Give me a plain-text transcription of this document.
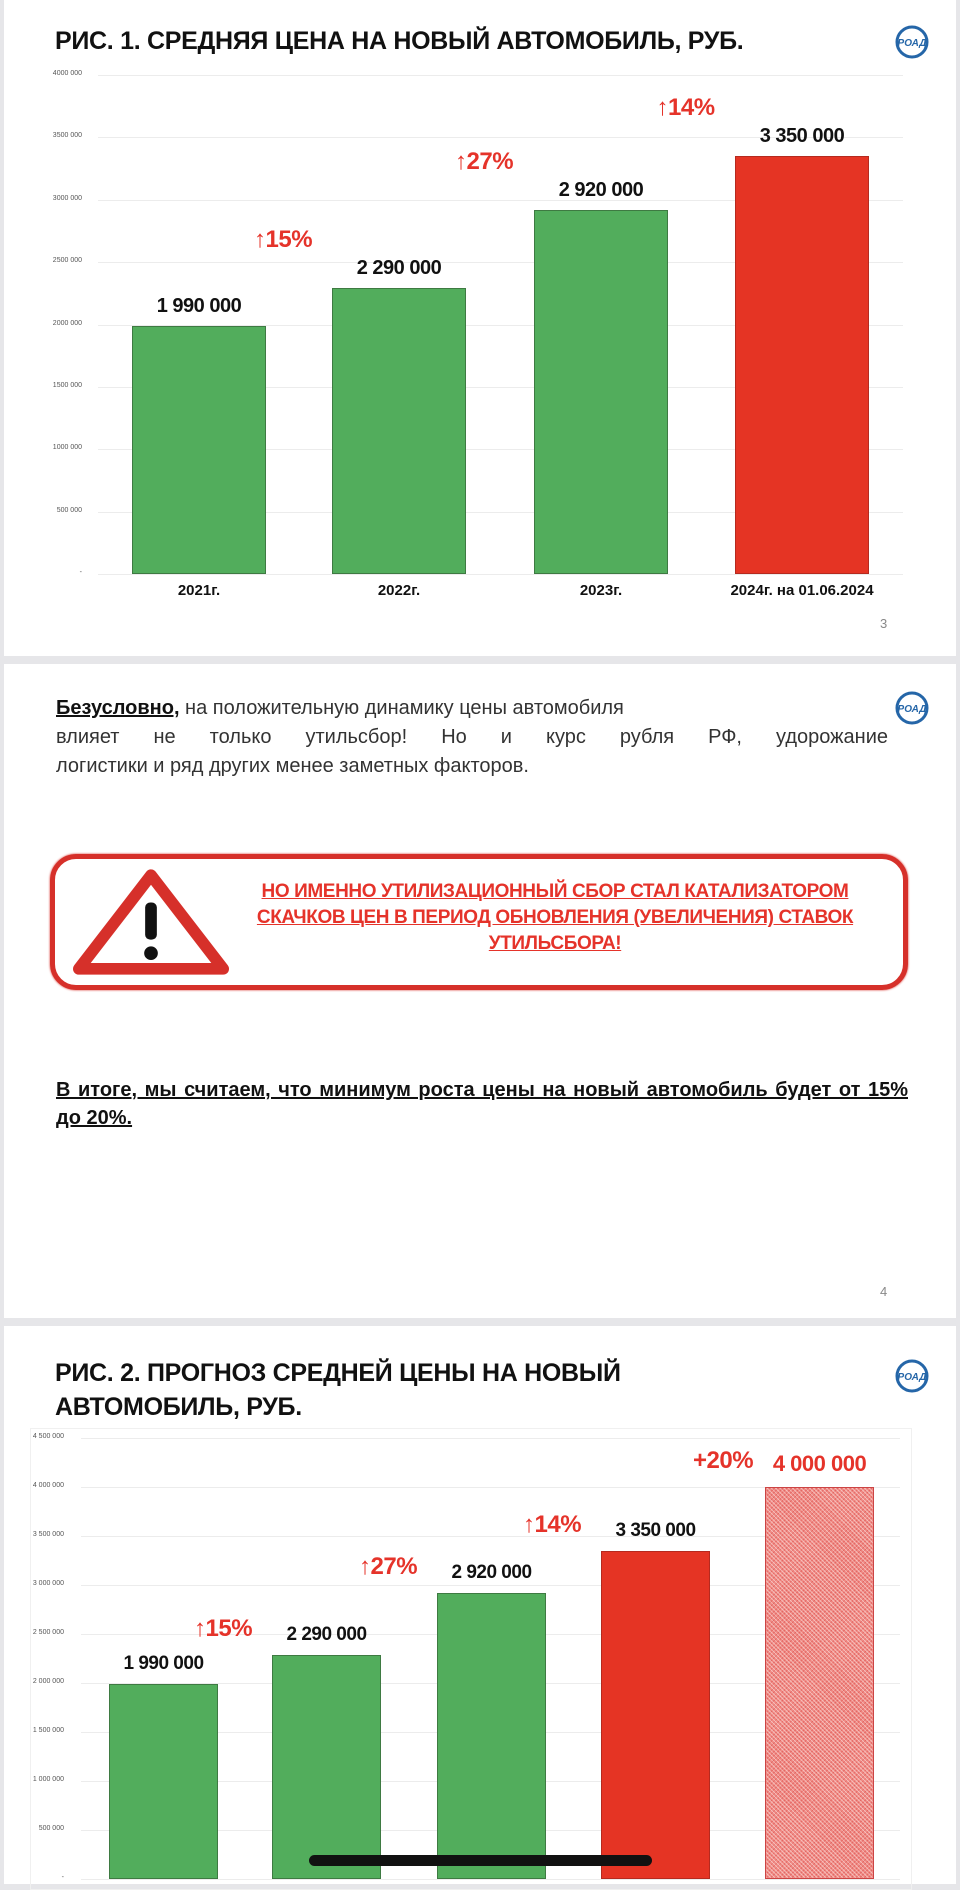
РИС. 1. СРЕДНЯЯ ЦЕНА НА НОВЫЙ АВТОМОБИЛЬ, РУБ.	РОАД
-
500 000
1000 000
1500 000
2000 000
2500 000
3000 000
3500 000
4000 000
1 990 000
2021г.
2 290 000
2022г.
2 920 000
2023г.
3 350 000
2024г. на 01.06.2024
↑15%
↑27%
↑14%
3
Безусловно, на положительную динамику цены автомобиля
влияет не только утильсбор! Но и курс рубля РФ, удорожание
логистики и ряд других менее заметных факторов.
РОАД
НО ИМЕННО УТИЛИЗАЦИОННЫЙ СБОР СТАЛ КАТАЛИЗАТОРОМ СКАЧКОВ ЦЕН В ПЕРИОД ОБНОВЛЕНИЯ (УВЕЛИЧЕНИЯ) СТАВОК УТИЛЬСБОРА!
В итоге, мы считаем, что минимум роста цены на новый автомобиль будет от 15% до 20%.
4
РИС. 2. ПРОГНОЗ СРЕДНЕЙ ЦЕНЫ НА НОВЫЙ
АВТОМОБИЛЬ, РУБ.
РОАД
-
500 000
1 000 000
1 500 000
2 000 000
2 500 000
3 000 000
3 500 000
4 000 000
4 500 000
1 990 000
2 290 000
2 920 000
3 350 000
4 000 000
↑15%
↑27%
↑14%
+20%
